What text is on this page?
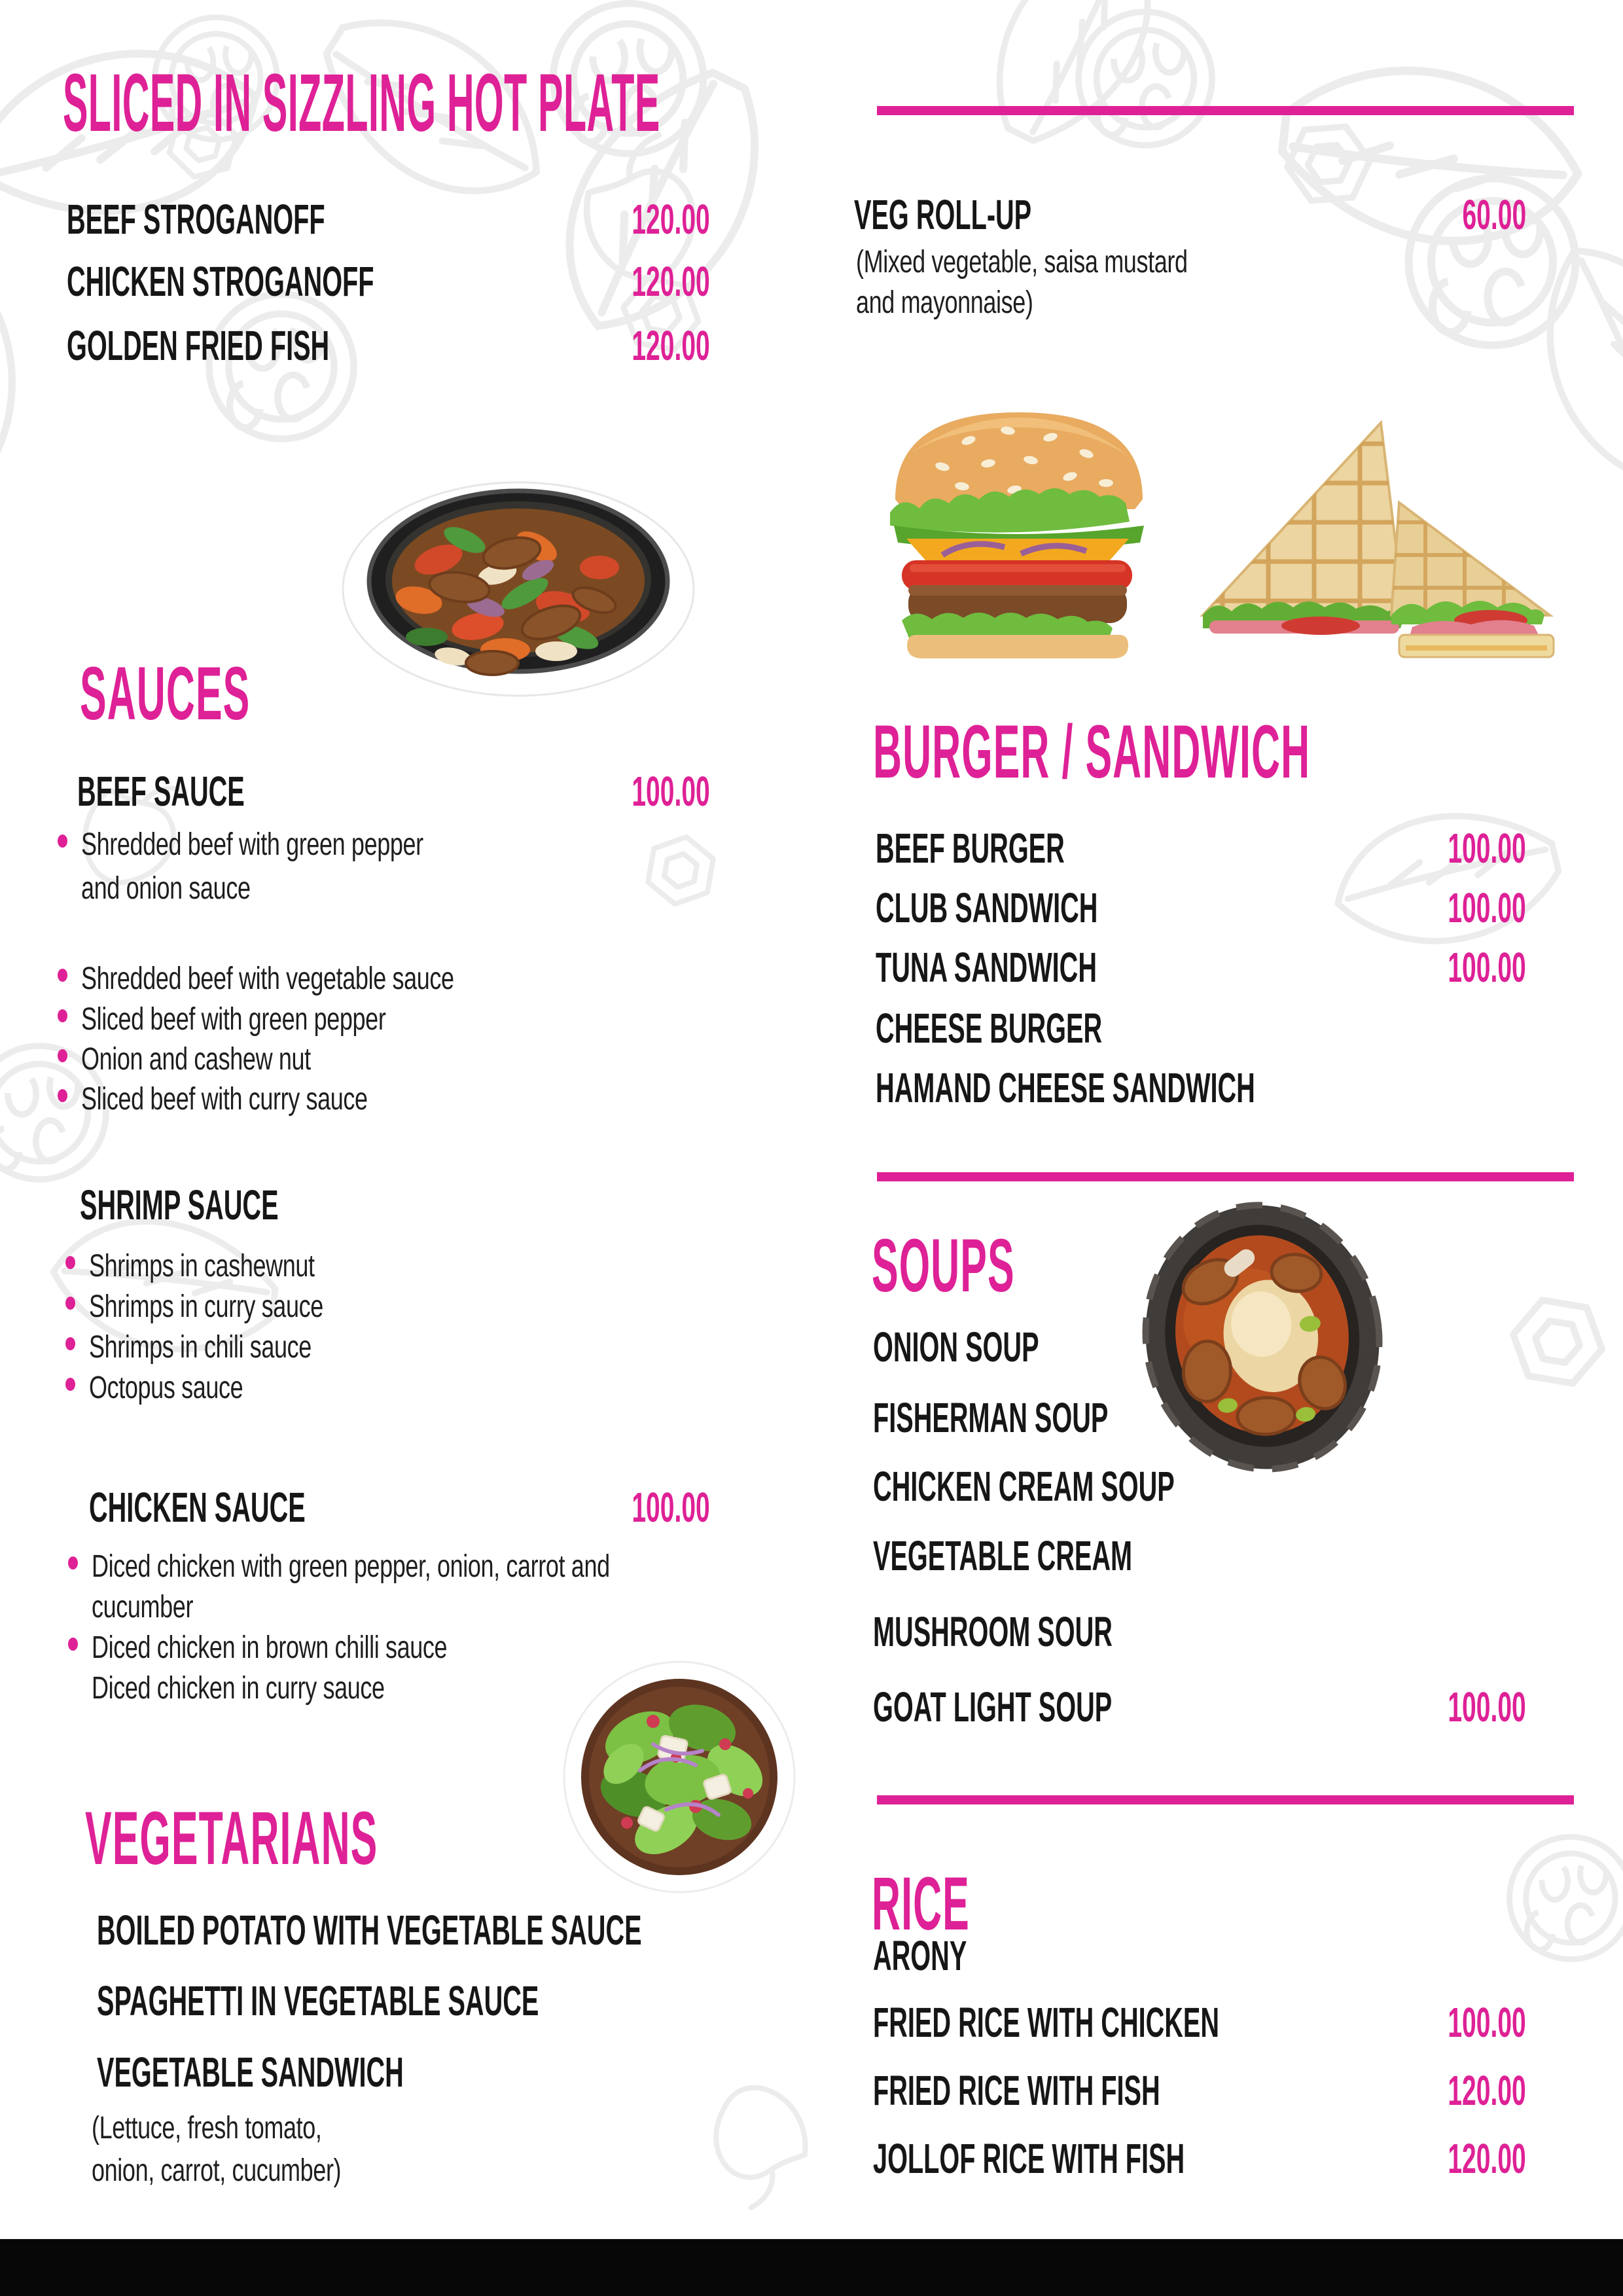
SLICED IN SIZZLING HOT PLATE
BEEF STROGANOFF	120.00
CHICKEN STROGANOFF	120.00
GOLDEN FRIED FISH	120.00
SAUCES
BEEF SAUCE	100.00
Shredded beef with green pepper
and onion sauce
Shredded beef with vegetable sauce
Sliced beef with green pepper
Onion and cashew nut
Sliced beef with curry sauce
SHRIMP SAUCE
Shrimps in cashewnut
Shrimps in curry sauce
Shrimps in chili sauce
Octopus sauce
CHICKEN SAUCE	100.00
Diced chicken with green pepper, onion, carrot and
cucumber
Diced chicken in brown chilli sauce
Diced chicken in curry sauce
VEGETARIANS
BOILED POTATO WITH VEGETABLE SAUCE
SPAGHETTI IN VEGETABLE SAUCE
VEGETABLE SANDWICH
(Lettuce, fresh tomato,
onion, carrot, cucumber)
VEG ROLL-UP	60.00
(Mixed vegetable, saisa mustard
and mayonnaise)
BURGER / SANDWICH
BEEF BURGER	100.00
CLUB SANDWICH	100.00
TUNA SANDWICH	100.00
CHEESE BURGER
HAMAND CHEESE SANDWICH
SOUPS
ONION SOUP
FISHERMAN SOUP
CHICKEN CREAM SOUP
VEGETABLE CREAM
MUSHROOM SOUR
GOAT LIGHT SOUP	100.00
RICE
ARONY
FRIED RICE WITH CHICKEN	100.00
FRIED RICE WITH FISH	120.00
JOLLOF RICE WITH FISH	120.00
